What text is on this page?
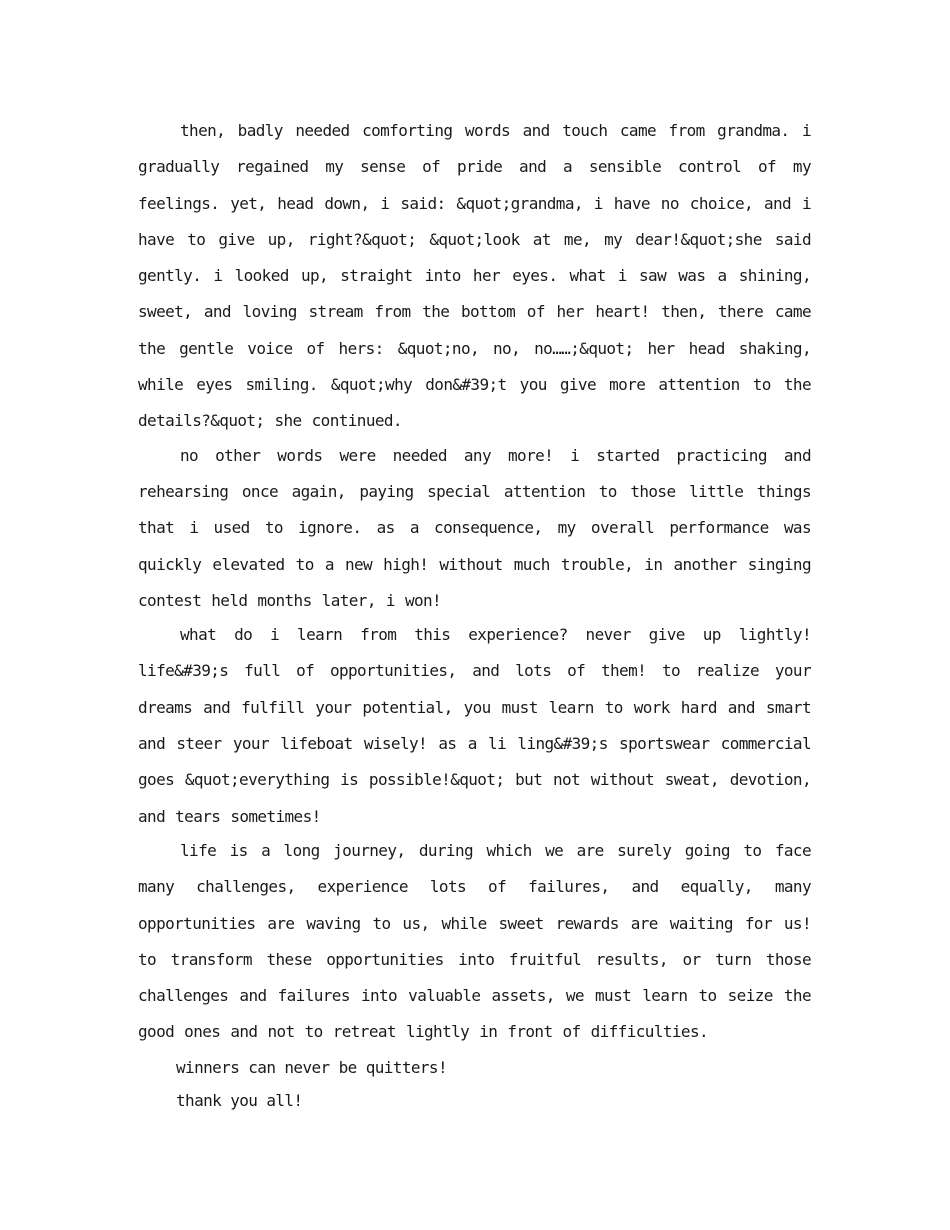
then, badly needed comforting words and touch came from grandma. i gradually regained my sense of pride and a sensible control of my feelings. yet, head down, i said: &quot;grandma, i have no choice, and i have to give up, right?&quot; &quot;look at me, my dear!&quot;she said gently. i looked up, straight into her eyes. what i saw was a shining, sweet, and loving stream from the bottom of her heart! then, there came the gentle voice of hers: &quot;no, no, no……;&quot; her head shaking, while eyes smiling. &quot;why don&#39;t you give more attention to the details?&quot; she continued.

no other words were needed any more! i started practicing and rehearsing once again, paying special attention to those little things that i used to ignore. as a consequence, my overall performance was quickly elevated to a new high! without much trouble, in another singing contest held months later, i won!

what do i learn from this experience? never give up lightly! life&#39;s full of opportunities, and lots of them! to realize your dreams and fulfill your potential, you must learn to work hard and smart and steer your lifeboat wisely! as a li ling&#39;s sportswear commercial goes &quot;everything is possible!&quot; but not without sweat, devotion, and tears sometimes!

life is a long journey, during which we are surely going to face many challenges, experience lots of failures, and equally, many opportunities are waving to us, while sweet rewards are waiting for us! to transform these opportunities into fruitful results, or turn those challenges and failures into valuable assets, we must learn to seize the good ones and not to retreat lightly in front of difficulties.

winners can never be quitters!

thank you all!
